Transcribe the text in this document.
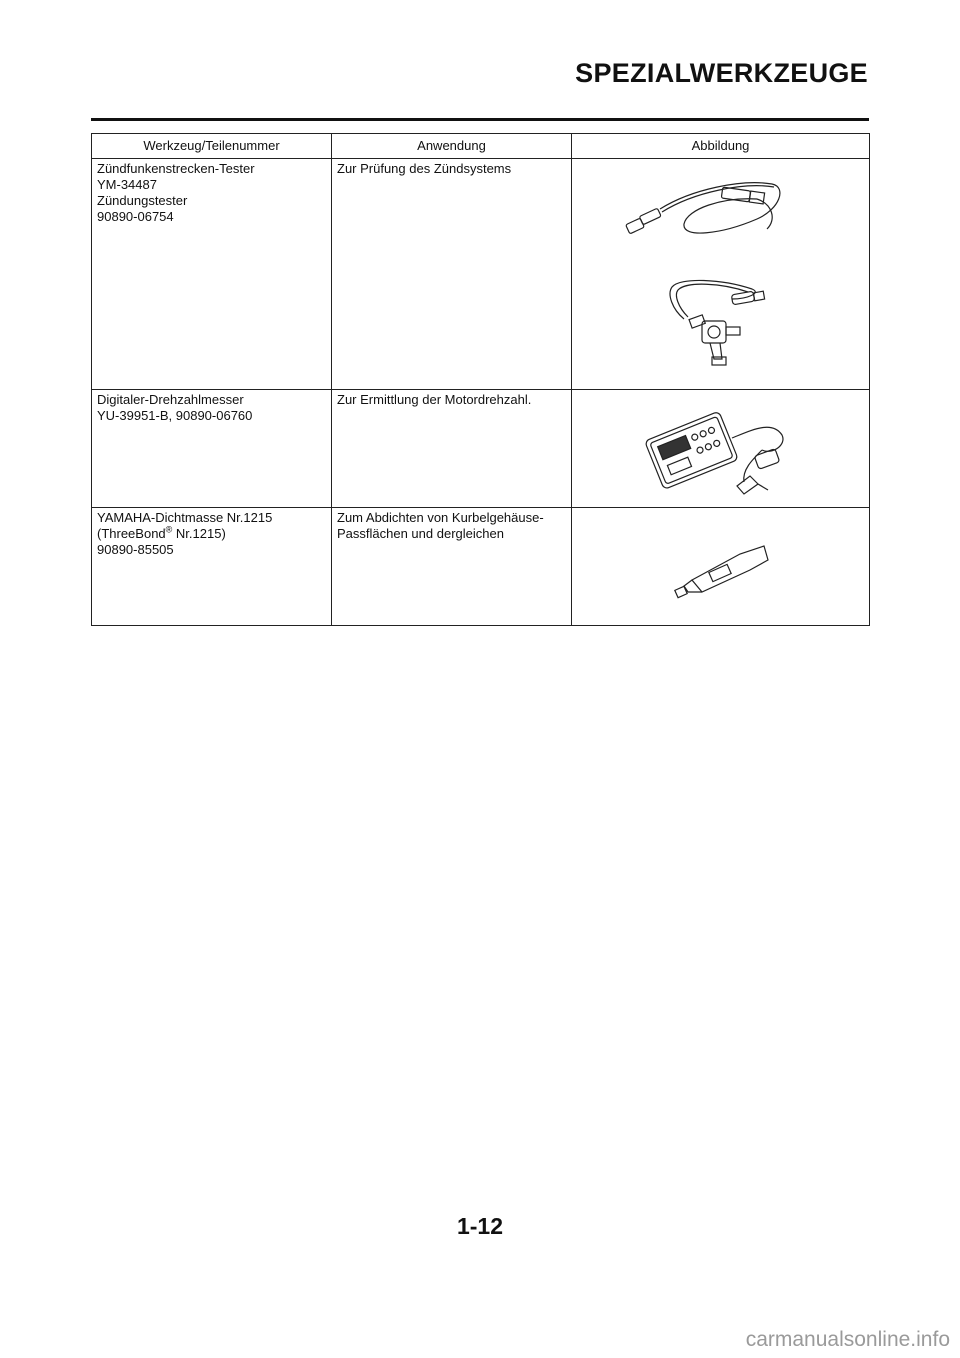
SPEZIALWERKZEUGE
Werkzeug/Teilenummer	Anwendung	Abbildung

Zündfunkenstrecken-Tester
YM-34487
Zündungstester
90890-06754	Zur Prüfung des Zündsystems

Digitaler-Drehzahlmesser
YU-39951-B, 90890-06760	Zur Ermittlung der Motordrehzahl.

YAMAHA-Dichtmasse Nr.1215
(ThreeBond® Nr.1215)
90890-85505	Zum Abdichten von Kurbelgehäuse-
Passflächen und dergleichen

1-12
carmanualsonline.info
